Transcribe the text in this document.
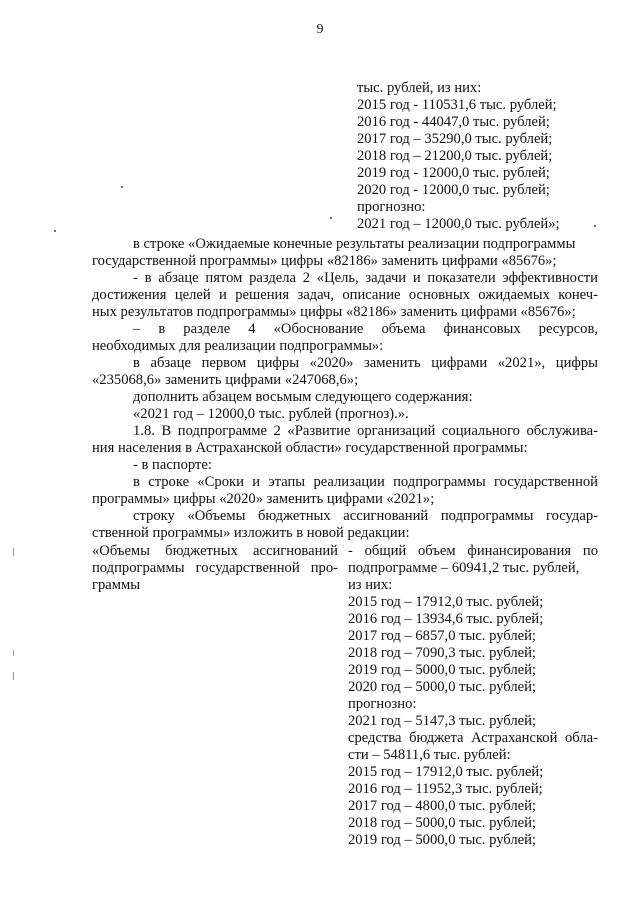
9
тыс. рублей, из них:
2015 год - 110531,6 тыс. рублей;
2016 год - 44047,0 тыс. рублей;
2017 год – 35290,0 тыс. рублей;
2018 год – 21200,0 тыс. рублей;
2019 год - 12000,0 тыс. рублей;
2020 год - 12000,0 тыс. рублей;
прогнозно:
2021 год – 12000,0 тыс. рублей»;
в строке «Ожидаемые конечные результаты реализации подпрограммы
государственной программы» цифры «82186» заменить цифрами «85676»;
- в абзаце пятом раздела 2 «Цель, задачи и показатели эффективности
достижения целей и решения задач, описание основных ожидаемых конеч-
ных результатов подпрограммы» цифры «82186» заменить цифрами «85676»;
– в разделе 4 «Обоснование объема финансовых ресурсов,
необходимых для реализации подпрограммы»:
в абзаце первом цифры «2020» заменить цифрами «2021», цифры
«235068,6» заменить цифрами «247068,6»;
дополнить абзацем восьмым следующего содержания:
«2021 год – 12000,0 тыс. рублей (прогноз).».
1.8. В подпрограмме 2 «Развитие организаций социального обслужива-
ния населения в Астраханской области» государственной программы:
- в паспорте:
в строке «Сроки и этапы реализации подпрограммы государственной
программы» цифры «2020» заменить цифрами «2021»;
строку «Объемы бюджетных ассигнований подпрограммы государ-
ственной программы» изложить в новой редакции:
«Объемы бюджетных ассигнований
подпрограммы государственной про-
граммы
- общий объем финансирования по
подпрограмме – 60941,2 тыс. рублей,
из них:
2015 год – 17912,0 тыс. рублей;
2016 год – 13934,6 тыс. рублей;
2017 год – 6857,0 тыс. рублей;
2018 год – 7090,3 тыс. рублей;
2019 год – 5000,0 тыс. рублей;
2020 год – 5000,0 тыс. рублей;
прогнозно:
2021 год – 5147,3 тыс. рублей;
средства бюджета Астраханской обла-
сти – 54811,6 тыс. рублей:
2015 год – 17912,0 тыс. рублей;
2016 год – 11952,3 тыс. рублей;
2017 год – 4800,0 тыс. рублей;
2018 год – 5000,0 тыс. рублей;
2019 год – 5000,0 тыс. рублей;
